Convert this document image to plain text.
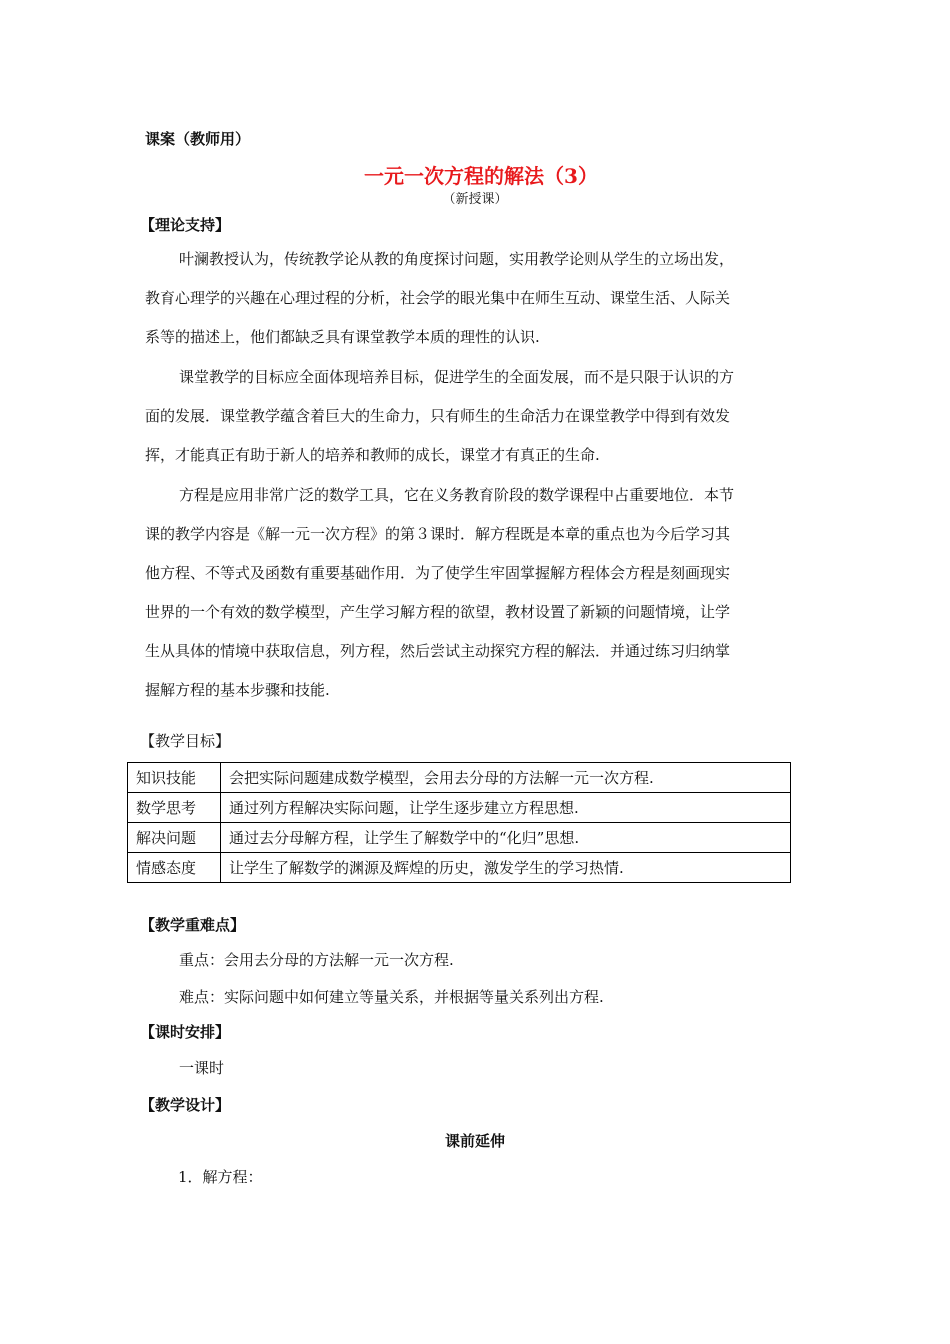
课案（教师用）
一元一次方程的解法（3）
（新授课）
【理论支持】
叶澜教授认为，传统教学论从教的角度探讨问题，实用教学论则从学生的立场出发，
教育心理学的兴趣在心理过程的分析，社会学的眼光集中在师生互动、课堂生活、人际关
系等的描述上，他们都缺乏具有课堂教学本质的理性的认识.
课堂教学的目标应全面体现培养目标，促进学生的全面发展，而不是只限于认识的方
面的发展．课堂教学蕴含着巨大的生命力，只有师生的生命活力在课堂教学中得到有效发
挥，才能真正有助于新人的培养和教师的成长，课堂才有真正的生命.
方程是应用非常广泛的数学工具，它在义务教育阶段的数学课程中占重要地位．本节
课的教学内容是《解一元一次方程》的第３课时．解方程既是本章的重点也为今后学习其
他方程、不等式及函数有重要基础作用．为了使学生牢固掌握解方程体会方程是刻画现实
世界的一个有效的数学模型，产生学习解方程的欲望，教材设置了新颖的问题情境，让学
生从具体的情境中获取信息，列方程，然后尝试主动探究方程的解法．并通过练习归纳掌
握解方程的基本步骤和技能.
【教学目标】
知识技能	会把实际问题建成数学模型，会用去分母的方法解一元一次方程.
数学思考	通过列方程解决实际问题，让学生逐步建立方程思想.
解决问题	通过去分母解方程，让学生了解数学中的“化归”思想.
情感态度	让学生了解数学的渊源及辉煌的历史，激发学生的学习热情.
【教学重难点】
重点：会用去分母的方法解一元一次方程.
难点：实际问题中如何建立等量关系，并根据等量关系列出方程.
【课时安排】
一课时
【教学设计】
课前延伸
1．解方程：
